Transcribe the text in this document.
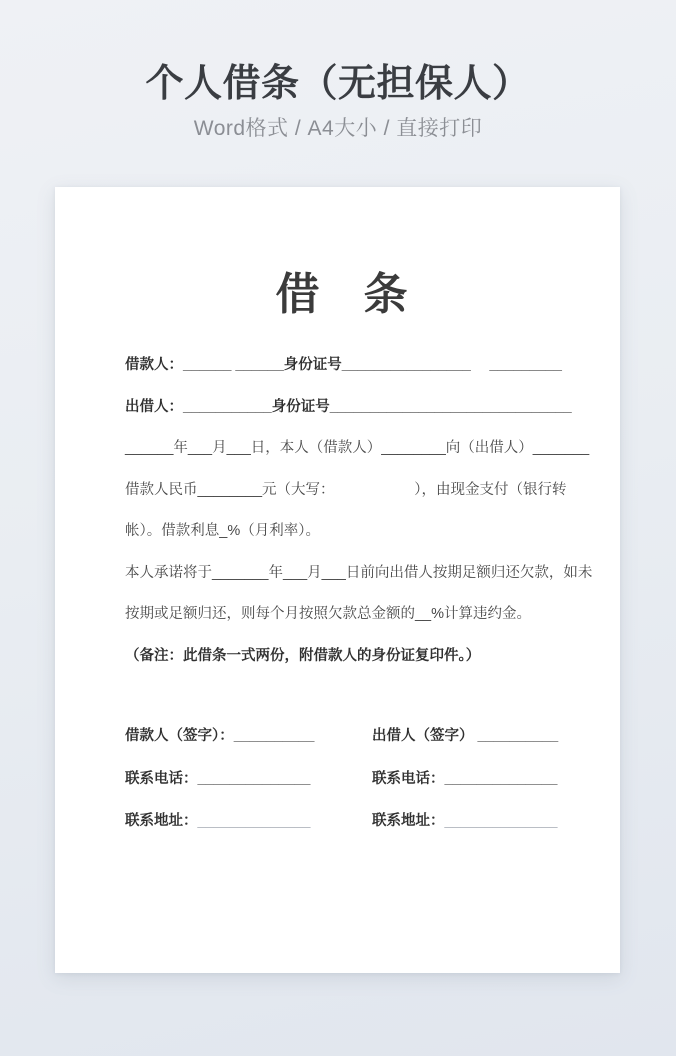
个人借条（无担保人）
Word格式 / A4大小 / 直接打印
借　条

借款人：______ ______身份证号________________　 _________

出借人：___________身份证号______________________________

______年___月___日，本人（借款人）________向（出借人）_______

借款人民币________元（大写：　　　　　　），由现金支付（银行转

帐）。借款利息_%（月利率）。

本人承诺将于_______年___月___日前向出借人按期足额归还欠款，如未

按期或足额归还，则每个月按照欠款总金额的__%计算违约金。

（备注：此借条一式两份，附借款人的身份证复印件。）

借款人（签字）：__________	出借人（签字） __________
联系电话：______________	联系电话：______________
联系地址：______________	联系地址：______________
